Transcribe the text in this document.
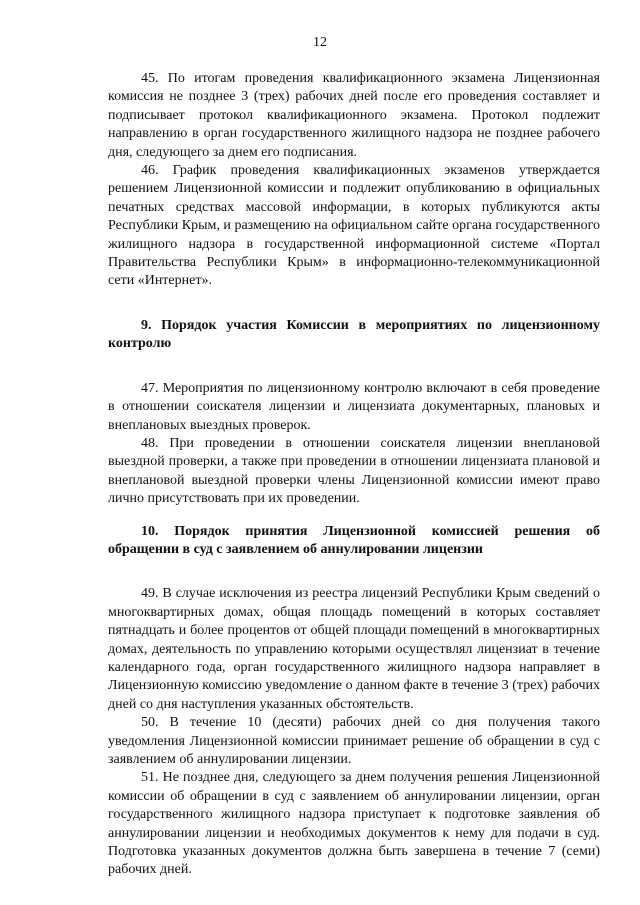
12

45. По итогам проведения квалификационного экзамена Лицензионная комиссия не позднее 3 (трех) рабочих дней после его проведения составляет и подписывает протокол квалификационного экзамена. Протокол подлежит направлению в орган государственного жилищного надзора не позднее рабочего дня, следующего за днем его подписания.

46. График проведения квалификационных экзаменов утверждается решением Лицензионной комиссии и подлежит опубликованию в официальных печатных средствах массовой информации, в которых публикуются акты Республики Крым, и размещению на официальном сайте органа государственного жилищного надзора в государственной информационной системе «Портал Правительства Республики Крым» в информационно-телекоммуникационной сети «Интернет».

9. Порядок участия Комиссии в мероприятиях по лицензионному контролю

47. Мероприятия по лицензионному контролю включают в себя проведение в отношении соискателя лицензии и лицензиата документарных, плановых и внеплановых выездных проверок.

48. При проведении в отношении соискателя лицензии внеплановой выездной проверки, а также при проведении в отношении лицензиата плановой и внеплановой выездной проверки члены Лицензионной комиссии имеют право лично присутствовать при их проведении.

10. Порядок принятия Лицензионной комиссией решения об обращении в суд с заявлением об аннулировании лицензии

49. В случае исключения из реестра лицензий Республики Крым сведений о многоквартирных домах, общая площадь помещений в которых составляет пятнадцать и более процентов от общей площади помещений в многоквартирных домах, деятельность по управлению которыми осуществлял лицензиат в течение календарного года, орган государственного жилищного надзора направляет в Лицензионную комиссию уведомление о данном факте в течение 3 (трех) рабочих дней со дня наступления указанных обстоятельств.

50. В течение 10 (десяти) рабочих дней со дня получения такого уведомления Лицензионной комиссии принимает решение об обращении в суд с заявлением об аннулировании лицензии.

51. Не позднее дня, следующего за днем получения решения Лицензионной комиссии об обращении в суд с заявлением об аннулировании лицензии, орган государственного жилищного надзора приступает к подготовке заявления об аннулировании лицензии и необходимых документов к нему для подачи в суд. Подготовка указанных документов должна быть завершена в течение 7 (семи) рабочих дней.
